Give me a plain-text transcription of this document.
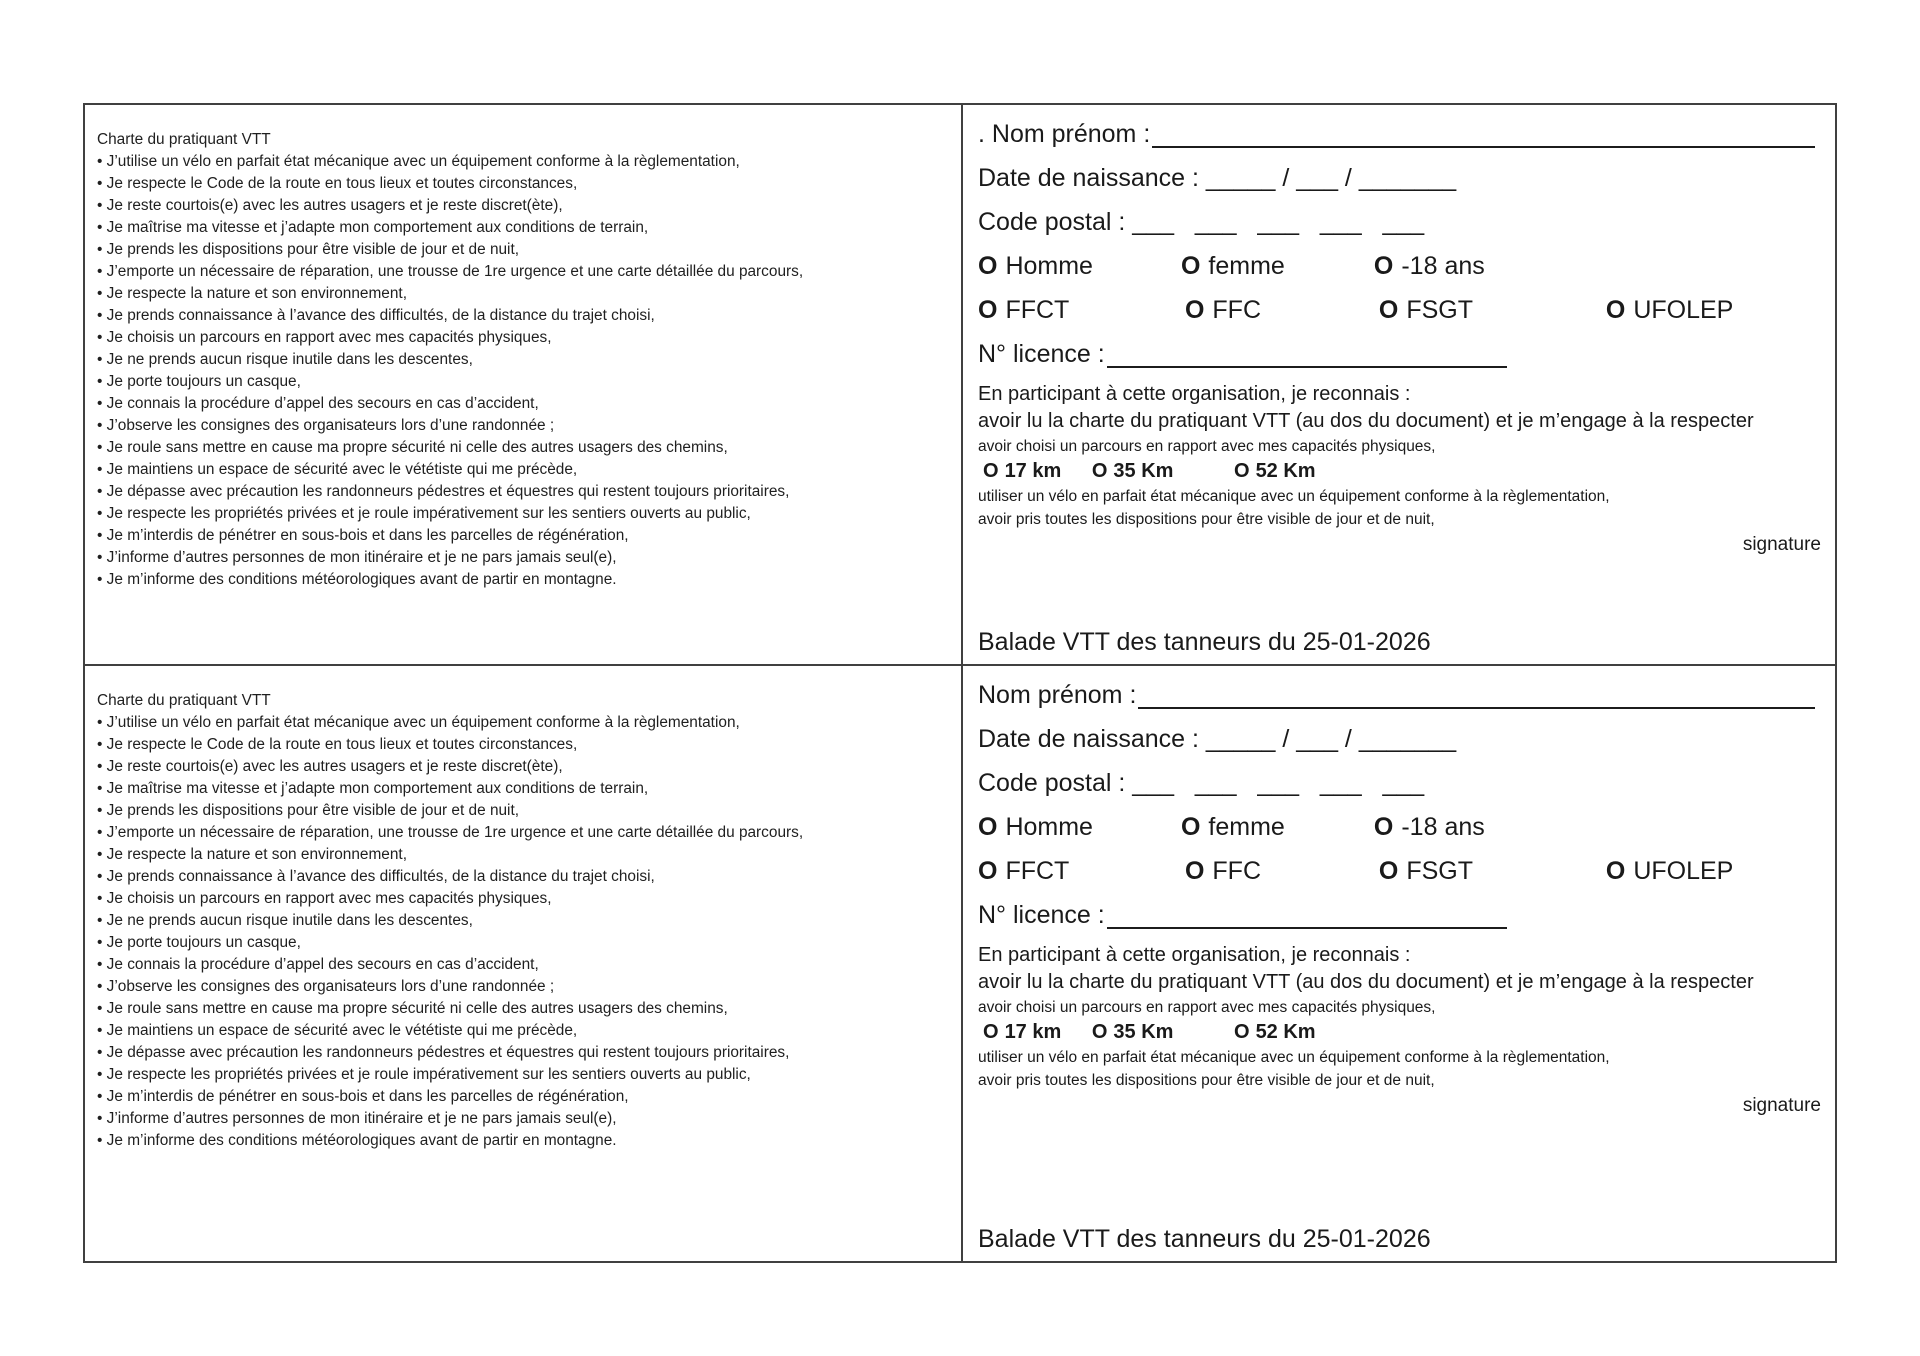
Charte du pratiquant VTT
• J’utilise un vélo en parfait état mécanique avec un équipement conforme à la règlementation,
• Je respecte le Code de la route en tous lieux et toutes circonstances,
• Je reste courtois(e) avec les autres usagers et je reste discret(ète),
• Je maîtrise ma vitesse et j’adapte mon comportement aux conditions de terrain,
• Je prends les dispositions pour être visible de jour et de nuit,
• J’emporte un nécessaire de réparation, une trousse de 1re urgence et une carte détaillée du parcours,
• Je respecte la nature et son environnement,
• Je prends connaissance à l’avance des difficultés, de la distance du trajet choisi,
• Je choisis un parcours en rapport avec mes capacités physiques,
• Je ne prends aucun risque inutile dans les descentes,
• Je porte toujours un casque,
• Je connais la procédure d’appel des secours en cas d’accident,
• J’observe les consignes des organisateurs lors d’une randonnée ;
• Je roule sans mettre en cause ma propre sécurité ni celle des autres usagers des chemins,
• Je maintiens un espace de sécurité avec le vététiste qui me précède,
• Je dépasse avec précaution les randonneurs pédestres et équestres qui restent toujours prioritaires,
• Je respecte les propriétés privées et je roule impérativement sur les sentiers ouverts au public,
• Je m’interdis de pénétrer en sous-bois et dans les parcelles de régénération,
• J’informe d’autres personnes de mon itinéraire et je ne pars jamais seul(e),
• Je m’informe des conditions météorologiques avant de partir en montagne.
. Nom prénom :
Date de naissance : _____ / ___ / _______
Code postal : ___   ___   ___   ___   ___
O Homme	O femme	O -18 ans
O FFCT	O FFC	O FSGT	O UFOLEP
N° licence :
En participant à cette organisation, je reconnais :
avoir lu la charte du pratiquant VTT (au dos du document) et je m’engage à la respecter
avoir choisi un parcours en rapport avec mes capacités physiques,
O 17 km O 35 Km	O 52 Km
utiliser un vélo en parfait état mécanique avec un équipement conforme à la règlementation,
avoir pris toutes les dispositions pour être visible de jour et de nuit,
signature
Balade VTT des tanneurs du 25-01-2026
Charte du pratiquant VTT
• J’utilise un vélo en parfait état mécanique avec un équipement conforme à la règlementation,
• Je respecte le Code de la route en tous lieux et toutes circonstances,
• Je reste courtois(e) avec les autres usagers et je reste discret(ète),
• Je maîtrise ma vitesse et j’adapte mon comportement aux conditions de terrain,
• Je prends les dispositions pour être visible de jour et de nuit,
• J’emporte un nécessaire de réparation, une trousse de 1re urgence et une carte détaillée du parcours,
• Je respecte la nature et son environnement,
• Je prends connaissance à l’avance des difficultés, de la distance du trajet choisi,
• Je choisis un parcours en rapport avec mes capacités physiques,
• Je ne prends aucun risque inutile dans les descentes,
• Je porte toujours un casque,
• Je connais la procédure d’appel des secours en cas d’accident,
• J’observe les consignes des organisateurs lors d’une randonnée ;
• Je roule sans mettre en cause ma propre sécurité ni celle des autres usagers des chemins,
• Je maintiens un espace de sécurité avec le vététiste qui me précède,
• Je dépasse avec précaution les randonneurs pédestres et équestres qui restent toujours prioritaires,
• Je respecte les propriétés privées et je roule impérativement sur les sentiers ouverts au public,
• Je m’interdis de pénétrer en sous-bois et dans les parcelles de régénération,
• J’informe d’autres personnes de mon itinéraire et je ne pars jamais seul(e),
• Je m’informe des conditions météorologiques avant de partir en montagne.
Nom prénom :
Date de naissance : _____ / ___ / _______
Code postal : ___   ___   ___   ___   ___
O Homme	O femme	O -18 ans
O FFCT	O FFC	O FSGT	O UFOLEP
N° licence :
En participant à cette organisation, je reconnais :
avoir lu la charte du pratiquant VTT (au dos du document) et je m’engage à la respecter
avoir choisi un parcours en rapport avec mes capacités physiques,
O 17 km O 35 Km	O 52 Km
utiliser un vélo en parfait état mécanique avec un équipement conforme à la règlementation,
avoir pris toutes les dispositions pour être visible de jour et de nuit,
signature
Balade VTT des tanneurs du 25-01-2026
